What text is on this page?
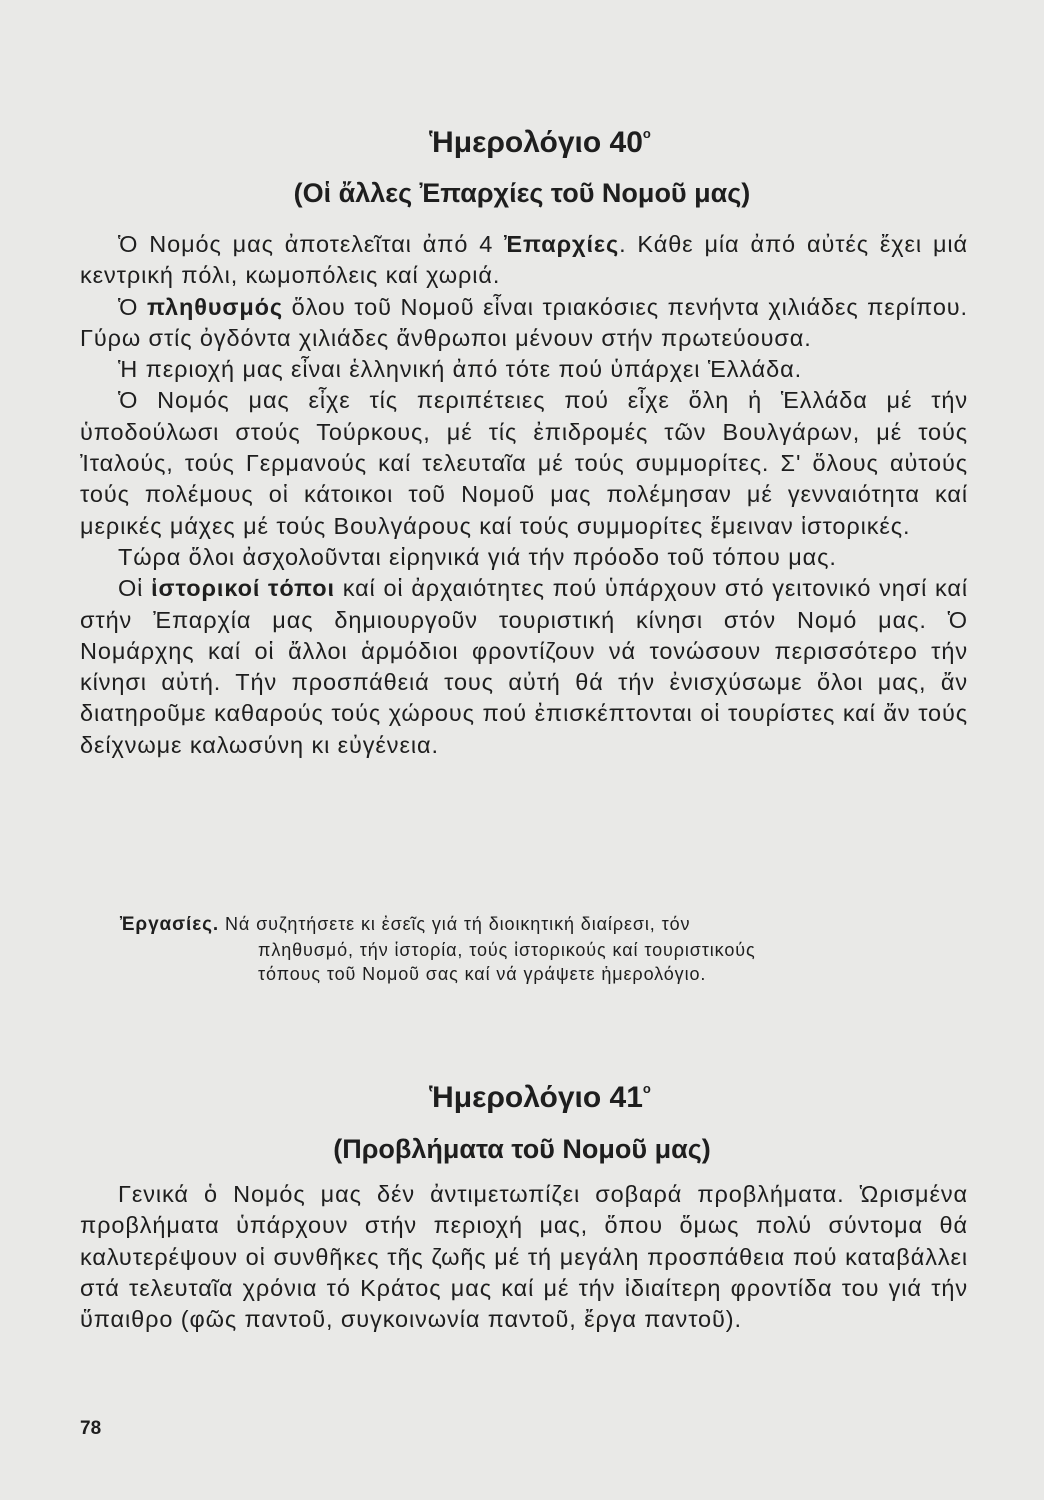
Ἡμερολόγιο $40^o$
(Οἱ ἄλλες Ἐπαρχίες τοῦ Νομοῦ μας)

Ὁ Νομός μας ἀποτελεῖται ἀπό 4 Ἐπαρχίες. Κάθε μία ἀπό αὐτές ἔχει μιά κεντρική πόλι, κωμοπόλεις καί χωριά.

Ὁ πληθυσμός ὅλου τοῦ Νομοῦ εἶναι τριακόσιες πενήντα χιλιάδες περίπου. Γύρω στίς ὀγδόντα χιλιάδες ἄνθρωποι μένουν στήν πρωτεύουσα.

Ἡ περιοχή μας εἶναι ἑλληνική ἀπό τότε πού ὑπάρχει Ἑλλάδα.

Ὁ Νομός μας εἶχε τίς περιπέτειες πού εἶχε ὅλη ἡ Ἑλλάδα μέ τήν ὑποδούλωσι στούς Τούρκους, μέ τίς ἐπιδρομές τῶν Βουλγάρων, μέ τούς Ἰταλούς, τούς Γερμανούς καί τελευταῖα μέ τούς συμμορίτες. Σ' ὅλους αὐτούς τούς πολέμους οἱ κάτοικοι τοῦ Νομοῦ μας πολέμησαν μέ γενναιότητα καί μερικές μάχες μέ τούς Βουλγάρους καί τούς συμμορίτες ἔμειναν ἱστορικές.

Τώρα ὅλοι ἀσχολοῦνται εἰρηνικά γιά τήν πρόοδο τοῦ τόπου μας.

Οἱ ἱστορικοί τόποι καί οἱ ἀρχαιότητες πού ὑπάρχουν στό γειτονικό νησί καί στήν Ἐπαρχία μας δημιουργοῦν τουριστική κίνησι στόν Νομό μας. Ὁ Νομάρχης καί οἱ ἄλλοι ἁρμόδιοι φροντίζουν νά τονώσουν περισσότερο τήν κίνησι αὐτή. Τήν προσπάθειά τους αὐτή θά τήν ἐνισχύσωμε ὅλοι μας, ἄν διατηροῦμε καθαρούς τούς χώρους πού ἐπισκέπτονται οἱ τουρίστες καί ἄν τούς δείχνωμε καλωσύνη κι εὐγένεια.

Ἐργασίες. Νά συζητήσετε κι ἐσεῖς γιά τή διοικητική διαίρεσι, τόν
πληθυσμό, τήν ἱστορία, τούς ἱστορικούς καί τουριστικούς
τόπους τοῦ Νομοῦ σας καί νά γράψετε ἡμερολόγιο.
Ἡμερολόγιο $41^o$
(Προβλήματα τοῦ Νομοῦ μας)

Γενικά ὁ Νομός μας δέν ἀντιμετωπίζει σοβαρά προβλήματα. Ὡρισμένα προβλήματα ὑπάρχουν στήν περιοχή μας, ὅπου ὅμως πολύ σύντομα θά καλυτερέψουν οἱ συνθῆκες τῆς ζωῆς μέ τή μεγάλη προσπάθεια πού καταβάλλει στά τελευταῖα χρόνια τό Κράτος μας καί μέ τήν ἰδιαίτερη φροντίδα του γιά τήν ὕπαιθρο (φῶς παντοῦ, συγκοινωνία παντοῦ, ἔργα παντοῦ).

78
